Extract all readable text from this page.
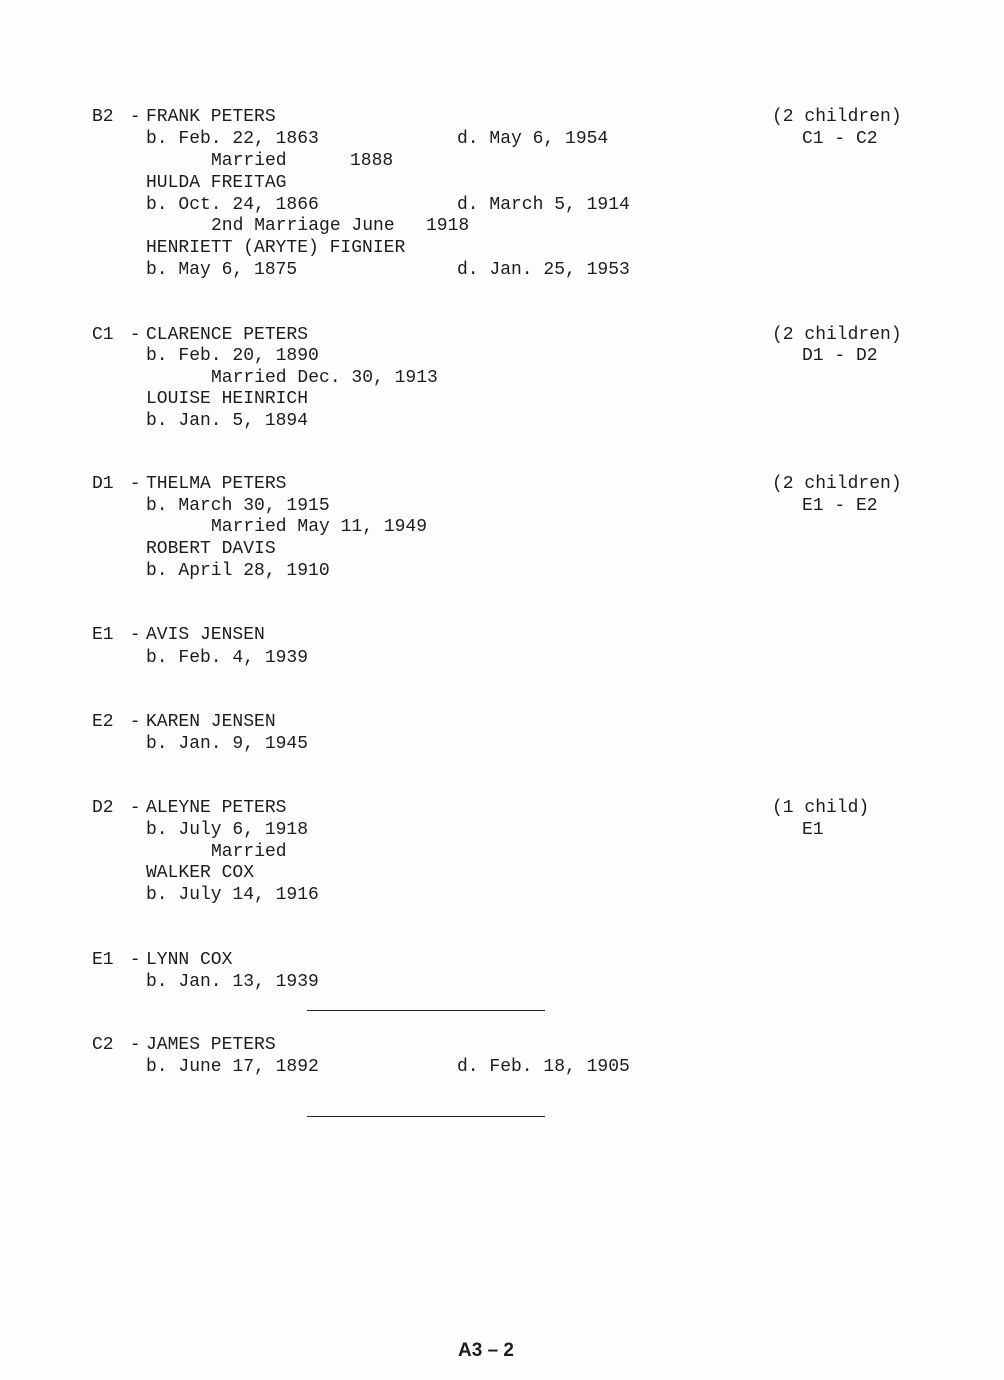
B2 -
FRANK PETERS	(2 children)
C1 - C2
b. Feb. 22, 1863	d. May 6, 1954
Married	1888
HULDA FREITAG
b. Oct. 24, 1866	d. March 5, 1914
2nd Marriage June 1918
HENRIETT (ARYTE) FIGNIER
b. May 6, 1875	d. Jan. 25, 1953
C1 -
CLARENCE PETERS	(2 children)
D1 - D2
b. Feb. 20, 1890
Married Dec. 30, 1913
LOUISE HEINRICH
b. Jan. 5, 1894
D1 -
THELMA PETERS	(2 children)
E1 - E2
b. March 30, 1915
Married May 11, 1949
ROBERT DAVIS
b. April 28, 1910
E1 -
AVIS JENSEN
b. Feb. 4, 1939
E2 -
KAREN JENSEN
b. Jan. 9, 1945
D2 -
ALEYNE PETERS	(1 child)
E1
b. July 6, 1918
Married
WALKER COX
b. July 14, 1916
E1 -
LYNN COX
b. Jan. 13, 1939
C2 -
JAMES PETERS
b. June 17, 1892	d. Feb. 18, 1905
A3 – 2
